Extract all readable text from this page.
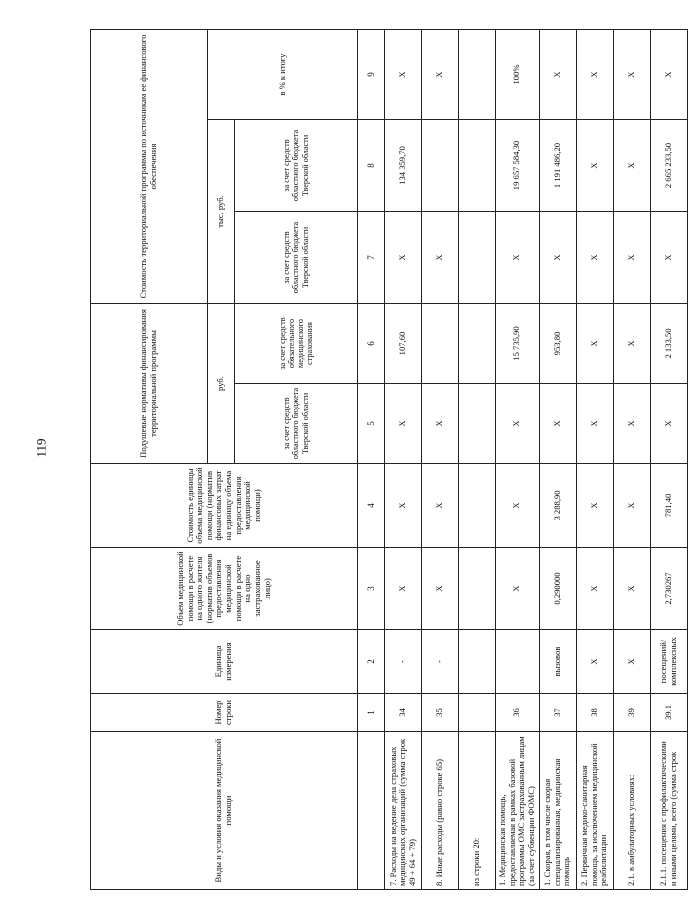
119
Виды и условия оказания медицинской помощи	Номер строки	Единица измерения	Объем медицинской помощи в расчете на одного жителя (норматив объемов предоставления медицинской помощи в расчете на одно застрахованное лицо)	Стоимость единицы объема медицинской помощи (норматив финансовых затрат на единицу объема предоставления медицинской помощи)	Подушевые нормативы финансирования территориальной программы		Стоимость территориальной программы по источникам ее финансового обеспечения		
					руб.		тыс. руб.		в % к итогу
					за счет средств областного бюджета Тверской области	за счет средств обязательного медицинского страхования	за счет средств областного бюджета Тверской области	за счет средств областного бюджета Тверской области	
	1	2	3	4	5	6	7	8	9
7. Расходы на ведение дела страховых медицинских организаций (сумма строк 49 + 64 + 79)	34	-	X	X	X	107,60	X	134 359,70	X
8. Иные расходы (равно строке 65)	35	-	X	X	X		X		X
из строки 20:									
1. Медицинская помощь, предоставляемая в рамках базовой программы ОМС застрахованным лицам (за счет субвенции ФОМС)	36		X	X	X	15 735,90	X	19 657 584,30	100%
1. Скорая, в том числе скорая специализированная, медицинская помощь	37	вызовов	0,290000	3 288,90	X	953,80	X	1 191 486,20	X
2. Первичная медико-санитарная помощь, за исключением медицинской реабилитации	38	X	X	X	X	X	X	X	X
2.1. в амбулаторных условиях:	39	X	X	X	X	X	X	X	X
2.1.1. посещения с профилактическими и иными целями, всего (сумма строк	39.1	посещений/ комплексных	2,730267	781,40	X	2 133,50	X	2 665 233,50	X
